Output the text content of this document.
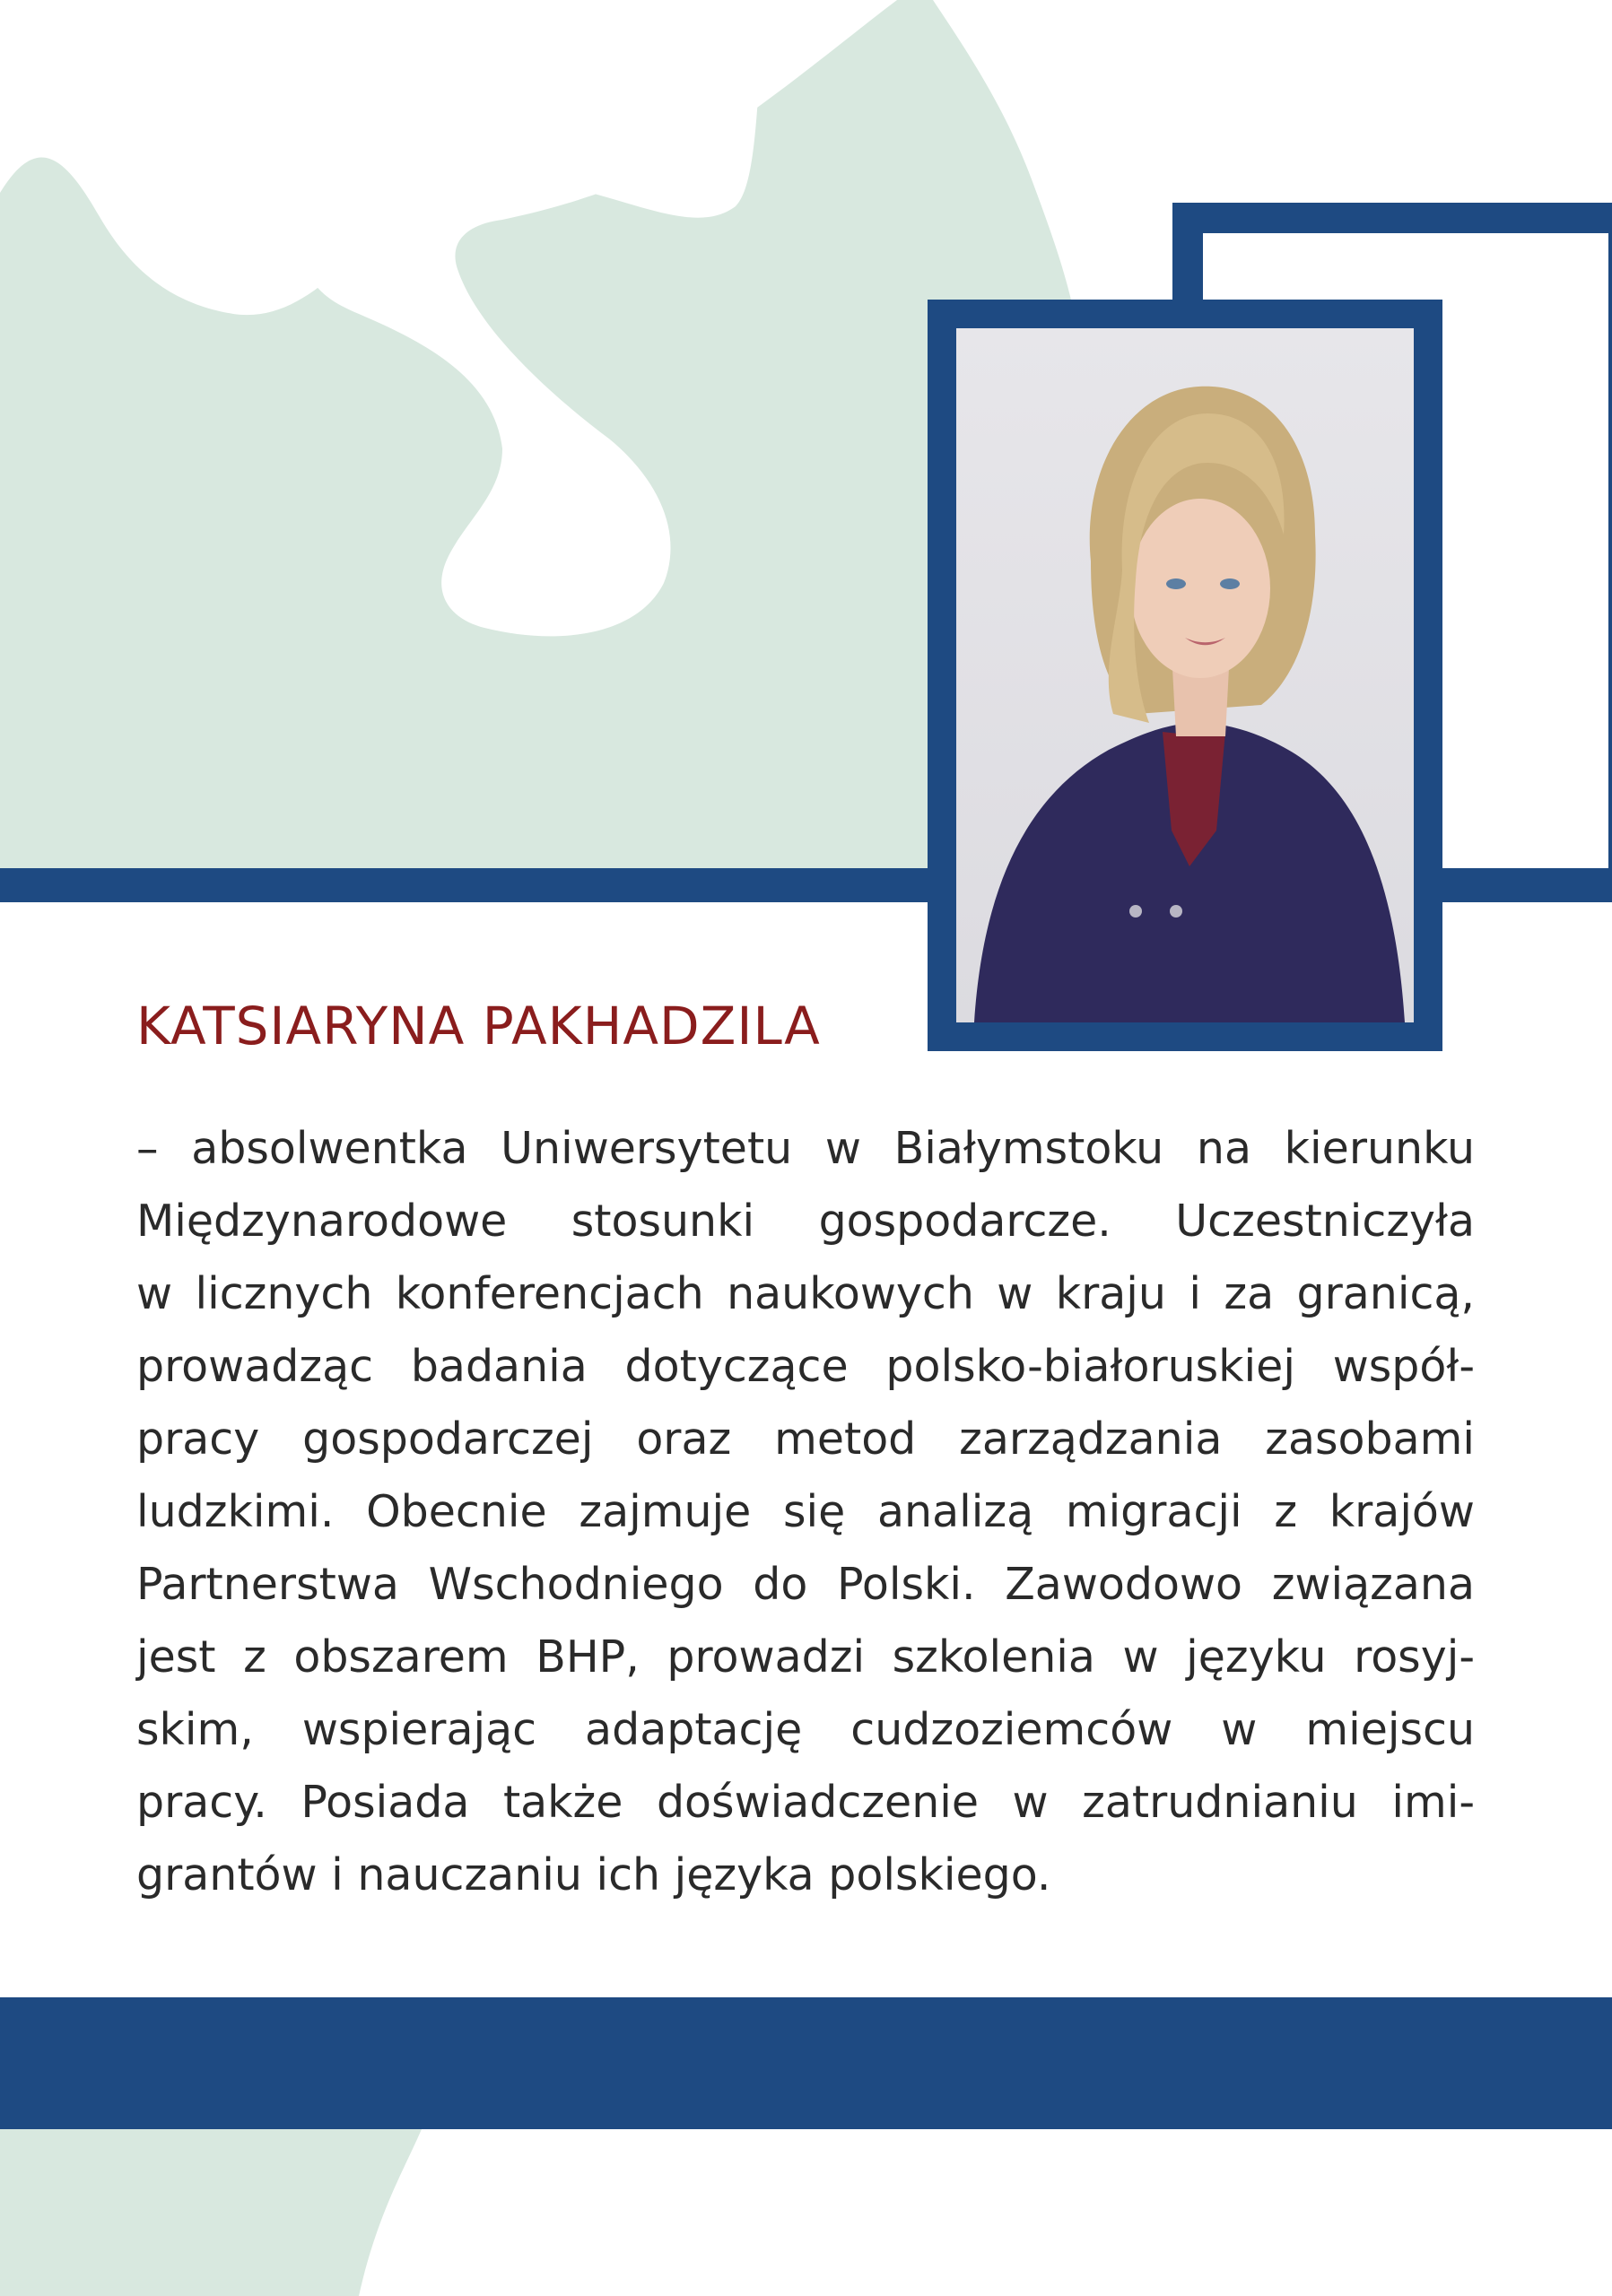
KATSIARYNA PAKHADZILA
– absolwentka Uniwersytetu w Białymstoku na kierunku
Międzynarodowe stosunki gospodarcze. Uczestniczyła
w licznych konferencjach naukowych w kraju i za granicą,
prowadząc badania dotyczące polsko-białoruskiej współ-
pracy gospodarczej oraz metod zarządzania zasobami
ludzkimi. Obecnie zajmuje się analizą migracji z krajów
Partnerstwa Wschodniego do Polski. Zawodowo związana
jest z obszarem BHP, prowadzi szkolenia w języku rosyj-
skim, wspierając adaptację cudzoziemców w miejscu
pracy. Posiada także doświadczenie w zatrudnianiu imi-
grantów i nauczaniu ich języka polskiego.
